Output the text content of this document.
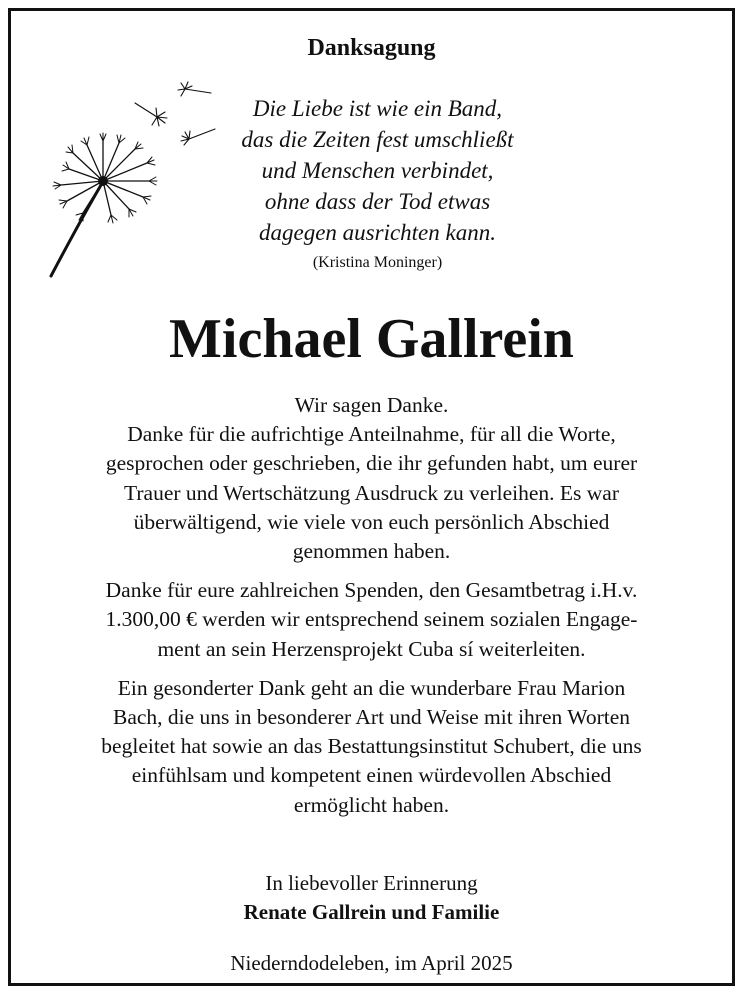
Danksagung
Die Liebe ist wie ein Band,
das die Zeiten fest umschließt
und Menschen verbindet,
ohne dass der Tod etwas
dagegen ausrichten kann.
(Kristina Moninger)
Michael Gallrein
Wir sagen Danke.
Danke für die aufrichtige Anteilnahme, für all die Worte,
gesprochen oder geschrieben, die ihr gefunden habt, um eurer
Trauer und Wertschätzung Ausdruck zu verleihen. Es war
überwältigend, wie viele von euch persönlich Abschied
genommen haben.
Danke für eure zahlreichen Spenden, den Gesamtbetrag i.H.v.
1.300,00 € werden wir entsprechend seinem sozialen Engage-
ment an sein Herzensprojekt Cuba sí weiterleiten.
Ein gesonderter Dank geht an die wunderbare Frau Marion
Bach, die uns in besonderer Art und Weise mit ihren Worten
begleitet hat sowie an das Bestattungsinstitut Schubert, die uns
einfühlsam und kompetent einen würdevollen Abschied
ermöglicht haben.
In liebevoller Erinnerung
Renate Gallrein und Familie
Niederndodeleben, im April 2025
